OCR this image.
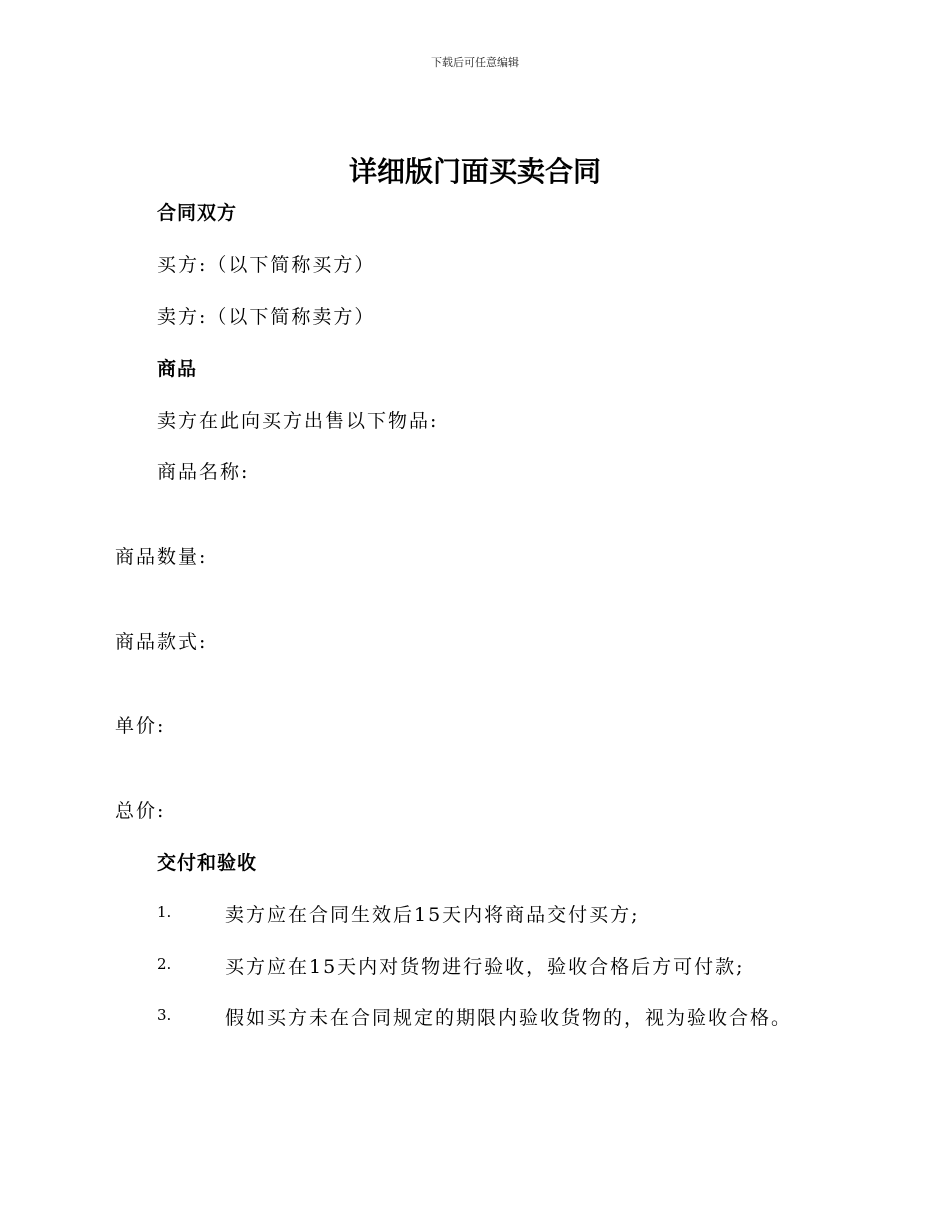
下载后可任意编辑
详细版门面买卖合同
合同双方
买方:（以下简称买方）
卖方:（以下简称卖方）
商品
卖方在此向买方出售以下物品:
商品名称:
商品数量:
商品款式:
单价:
总价:
交付和验收
1.	卖方应在合同生效后15天内将商品交付买方;
2.	买方应在15天内对货物进行验收，验收合格后方可付款;
3.	假如买方未在合同规定的期限内验收货物的，视为验收合格。
